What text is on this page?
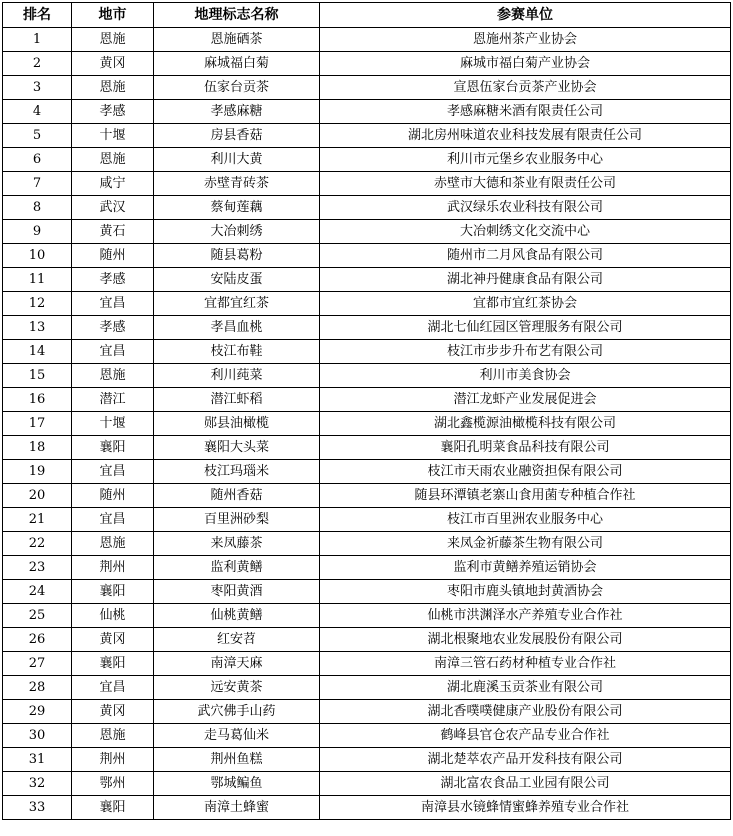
排名	地市	地理标志名称	参赛单位
1	恩施	恩施硒茶	恩施州茶产业协会
2	黄冈	麻城福白菊	麻城市福白菊产业协会
3	恩施	伍家台贡茶	宣恩伍家台贡茶产业协会
4	孝感	孝感麻糖	孝感麻糖米酒有限责任公司
5	十堰	房县香菇	湖北房州味道农业科技发展有限责任公司
6	恩施	利川大黄	利川市元堡乡农业服务中心
7	咸宁	赤壁青砖茶	赤壁市大德和茶业有限责任公司
8	武汉	蔡甸莲藕	武汉绿乐农业科技有限公司
9	黄石	大冶刺绣	大冶刺绣文化交流中心
10	随州	随县葛粉	随州市二月风食品有限公司
11	孝感	安陆皮蛋	湖北神丹健康食品有限公司
12	宜昌	宜都宜红茶	宜都市宜红茶协会
13	孝感	孝昌血桃	湖北七仙红园区管理服务有限公司
14	宜昌	枝江布鞋	枝江市步步升布艺有限公司
15	恩施	利川莼菜	利川市美食协会
16	潜江	潜江虾稻	潜江龙虾产业发展促进会
17	十堰	郧县油橄榄	湖北鑫榄源油橄榄科技有限公司
18	襄阳	襄阳大头菜	襄阳孔明菜食品科技有限公司
19	宜昌	枝江玛瑙米	枝江市天雨农业融资担保有限公司
20	随州	随州香菇	随县环潭镇老寨山食用菌专种植合作社
21	宜昌	百里洲砂梨	枝江市百里洲农业服务中心
22	恩施	来凤藤茶	来凤金祈藤茶生物有限公司
23	荆州	监利黄鳝	监利市黄鳝养殖运销协会
24	襄阳	枣阳黄酒	枣阳市鹿头镇地封黄酒协会
25	仙桃	仙桃黄鳝	仙桃市洪渊泽水产养殖专业合作社
26	黄冈	红安苕	湖北根聚地农业发展股份有限公司
27	襄阳	南漳天麻	南漳三管石药材种植专业合作社
28	宜昌	远安黄茶	湖北鹿溪玉贡茶业有限公司
29	黄冈	武穴佛手山药	湖北香噗噗健康产业股份有限公司
30	恩施	走马葛仙米	鹤峰县官仓农产品专业合作社
31	荆州	荆州鱼糕	湖北楚萃农产品开发科技有限公司
32	鄂州	鄂城鳊鱼	湖北富农食品工业园有限公司
33	襄阳	南漳土蜂蜜	南漳县水镜蜂情蜜蜂养殖专业合作社
